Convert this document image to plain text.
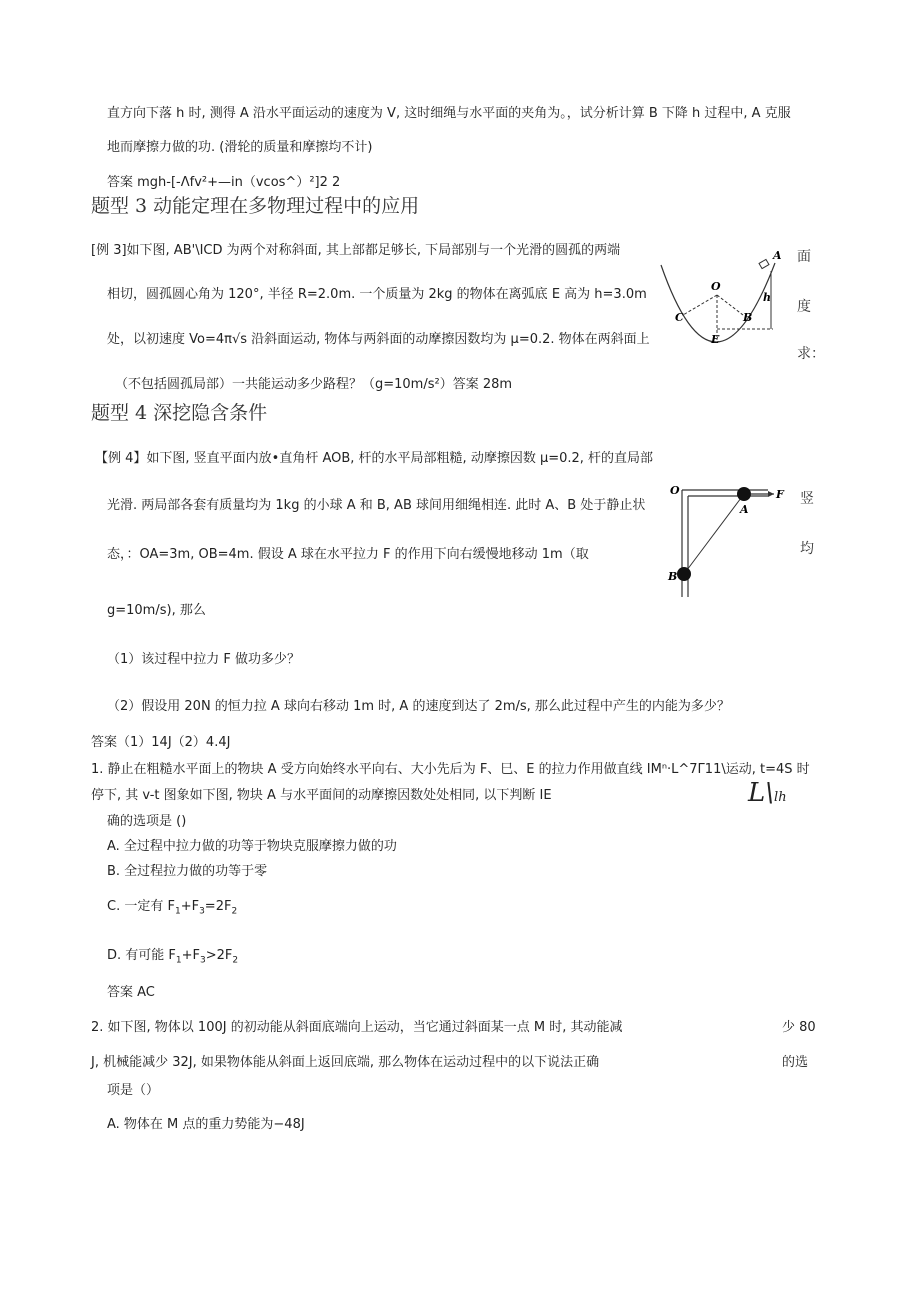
直方向下落 h 时, 测得 A 沿水平面运动的速度为 V, 这时细绳与水平面的夹角为。，试分析计算 B 下降 h 过程中, A 克服
地而摩擦力做的功. (滑轮的质量和摩擦均不计)
答案 mgh-[-Λfv²+—in（vcos^）²]2 2
题型 3 动能定理在多物理过程中的应用
[例 3]如下图, AB'\ICD 为两个对称斜面, 其上部都足够长, 下局部别与一个光滑的圆孤的两端
相切，圆孤圆心角为 120°, 半径 R=2.0m. 一个质量为 2kg 的物体在离弧底 E 高为 h=3.0m
处，以初速度 Vo=4π√s 沿斜面运动, 物体与两斜面的动摩擦因数均为 μ=0.2. 物体在两斜面上
（不包括圆孤局部）一共能运动多少路程？（g=10m/s²）答案 28m
A
O
C	B
h
E
面
度
求：
题型 4 深挖隐含条件
【例 4】如下图, 竖直平面内放•直角杆 AOB, 杆的水平局部粗糙, 动摩擦因数 μ=0.2, 杆的直局部
光滑. 两局部各套有质量均为 1kg 的小球 A 和 B, AB 球间用细绳相连. 此时 A、B 处于静止状
态，：OA=3m, OB=4m. 假设 A 球在水平拉力 F 的作用下向右缓慢地移动 1m（取
g=10m/s), 那么
O
A
F
B
竖
均
（1）该过程中拉力 F 做功多少？
（2）假设用 20N 的恒力拉 A 球向右移动 1m 时, A 的速度到达了 2m/s, 那么此过程中产生的内能为多少？
答案（1）14J（2）4.4J
1. 静止在粗糙水平面上的物块 A 受方向始终水平向右、大小先后为 F、巳、E 的拉力作用做直线 IMⁿ·L^7Γ11\运动, t=4S 时
停下, 其 v-t 图象如下图, 物块 A 与水平面间的动摩擦因数处处相同, 以下判断 IE	L\lh
确的选项是 ()
A. 全过程中拉力做的功等于物块克服摩擦力做的功
B. 全过程拉力做的功等于零
C. 一定有 $F_1+F_3=2F_2$
D. 有可能 $F_1+F_3>2F_2$
答案 AC
2. 如下图, 物体以 100J 的初动能从斜面底端向上运动，当它通过斜面某一点 M 时, 其动能减	少 80
J, 机械能减少 32J, 如果物体能从斜面上返回底端, 那么物体在运动过程中的以下说法正确	的选
项是（）
A. 物体在 M 点的重力势能为−48J
